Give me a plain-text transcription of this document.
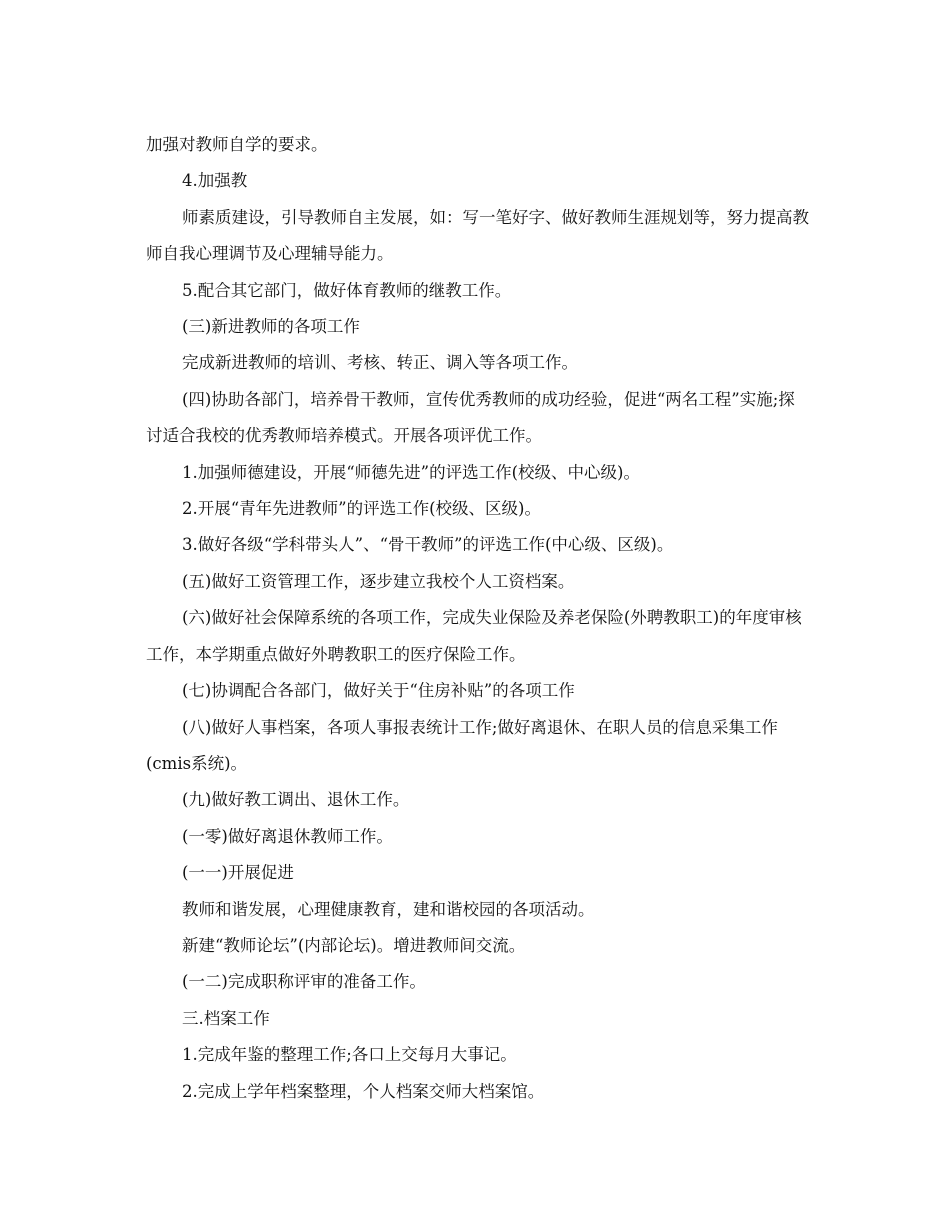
加强对教师自学的要求。

4.加强教

师素质建设，引导教师自主发展，如：写一笔好字、做好教师生涯规划等，努力提高教师自我心理调节及心理辅导能力。

5.配合其它部门，做好体育教师的继教工作。

(三)新进教师的各项工作

完成新进教师的培训、考核、转正、调入等各项工作。

(四)协助各部门，培养骨干教师，宣传优秀教师的成功经验，促进“两名工程”实施;探讨适合我校的优秀教师培养模式。开展各项评优工作。

1.加强师德建设，开展“师德先进”的评选工作(校级、中心级)。

2.开展“青年先进教师”的评选工作(校级、区级)。

3.做好各级“学科带头人”、“骨干教师”的评选工作(中心级、区级)。

(五)做好工资管理工作，逐步建立我校个人工资档案。

(六)做好社会保障系统的各项工作，完成失业保险及养老保险(外聘教职工)的年度审核工作，本学期重点做好外聘教职工的医疗保险工作。

(七)协调配合各部门，做好关于“住房补贴”的各项工作

(八)做好人事档案，各项人事报表统计工作;做好离退休、在职人员的信息采集工作(cmis系统)。

(九)做好教工调出、退休工作。

(一零)做好离退休教师工作。

(一一)开展促进

教师和谐发展，心理健康教育，建和谐校园的各项活动。

新建“教师论坛”(内部论坛)。增进教师间交流。

(一二)完成职称评审的准备工作。

三.档案工作

1.完成年鉴的整理工作;各口上交每月大事记。

2.完成上学年档案整理，个人档案交师大档案馆。
